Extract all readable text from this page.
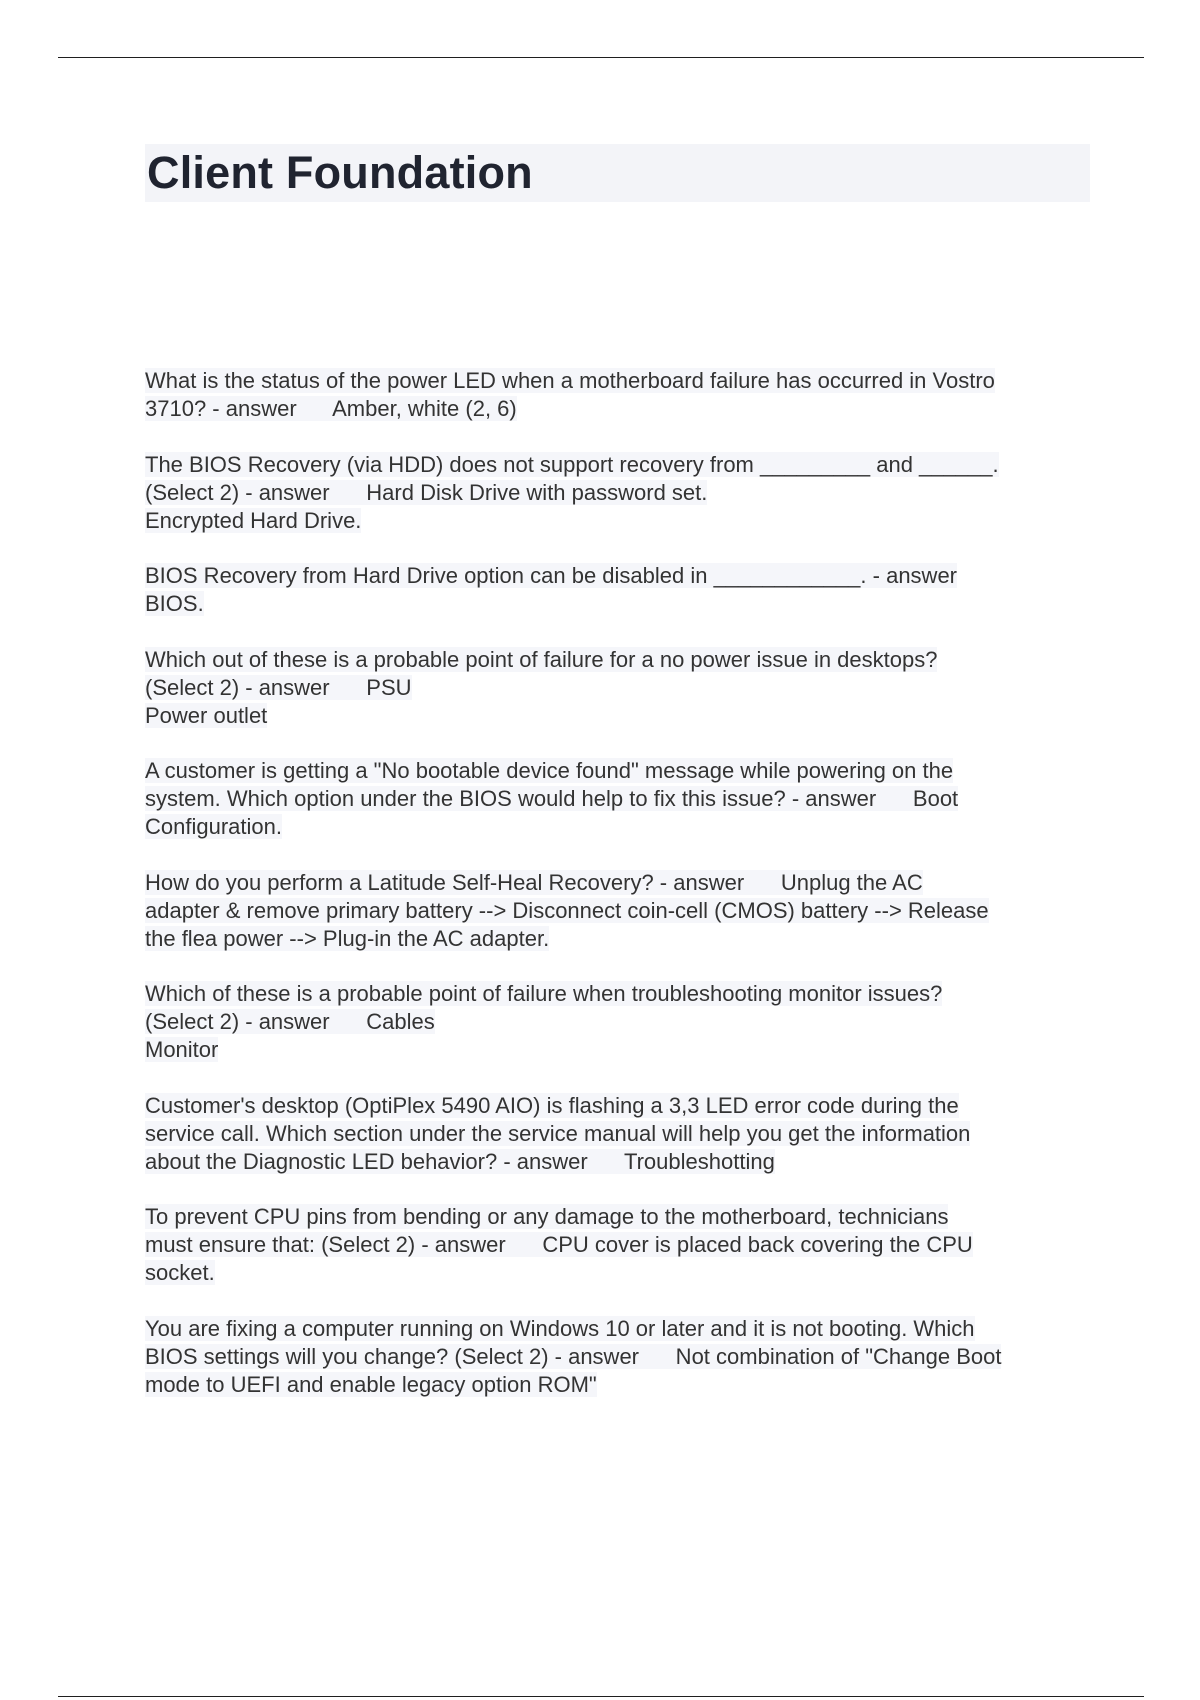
Client Foundation

What is the status of the power LED when a motherboard failure has occurred in Vostro
3710? - answer      Amber, white (2, 6)

The BIOS Recovery (via HDD) does not support recovery from _________ and ______.
(Select 2) - answer      Hard Disk Drive with password set.
Encrypted Hard Drive.

BIOS Recovery from Hard Drive option can be disabled in ____________. - answer
BIOS.

Which out of these is a probable point of failure for a no power issue in desktops?
(Select 2) - answer      PSU
Power outlet

A customer is getting a "No bootable device found" message while powering on the
system. Which option under the BIOS would help to fix this issue? - answer      Boot
Configuration.

How do you perform a Latitude Self-Heal Recovery? - answer      Unplug the AC
adapter & remove primary battery --> Disconnect coin-cell (CMOS) battery --> Release
the flea power --> Plug-in the AC adapter.

Which of these is a probable point of failure when troubleshooting monitor issues?
(Select 2) - answer      Cables
Monitor

Customer's desktop (OptiPlex 5490 AIO) is flashing a 3,3 LED error code during the
service call. Which section under the service manual will help you get the information
about the Diagnostic LED behavior? - answer      Troubleshotting

To prevent CPU pins from bending or any damage to the motherboard, technicians
must ensure that: (Select 2) - answer      CPU cover is placed back covering the CPU
socket.

You are fixing a computer running on Windows 10 or later and it is not booting. Which
BIOS settings will you change? (Select 2) - answer      Not combination of "Change Boot
mode to UEFI and enable legacy option ROM"
